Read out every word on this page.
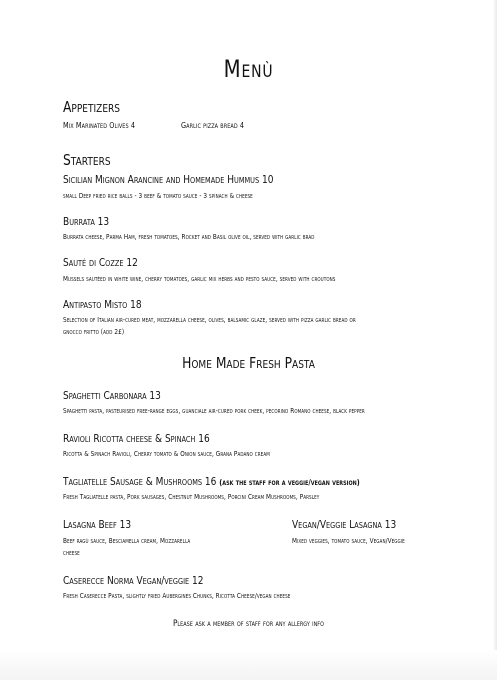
Menù
Appetizers
Mix Marinated Olives 4	Garlic pizza bread 4
Starters
Sicilian Mignon Arancine and Homemade Hummus 10
small Deep fried rice balls - 3 beef & tomato sauce - 3 spinach & cheese
Burrata 13
Burrata cheese, Parma Ham, fresh tomatoes, Rocket and Basil olive oil, served with garlic brad
Sauté di Cozze 12
Mussels sautéed in white wine, cherry tomatoes, garlic mix herbs and pesto sauce, served with croutons
Antipasto Misto 18
Selection of Italian air-cured meat, mozzarella cheese, olives, balsamic glaze, served with pizza garlic bread or
gnocco fritto (add 2£)
Home Made Fresh Pasta
Spaghetti Carbonara 13
Spaghetti pasta, pasteurised free-range eggs, guanciale air-cured pork cheek, pecorino Romano cheese, black pepper
Ravioli Ricotta cheese & Spinach 16
Ricotta & Spinach Ravioli, Cherry tomato & Onion sauce, Grana Padano cream
Tagliatelle Sausage & Mushrooms 16 (ask the staff for a veggie/vegan version)
Fresh Tagliatelle pasta, Pork sausages, Chestnut Mushrooms, Porcini Cream Mushrooms, Parsley
Lasagna Beef 13
Beef ragù sauce, Besciamella cream, Mozzarella
cheese
Vegan/Veggie Lasagna 13
Mixed veggies, tomato sauce, Vegan/Veggie
Caserecce Norma Vegan/veggie 12
Fresh Caserecce Pasta, slightly fried Aubergines Chunks, Ricotta Cheese/vegan cheese
Please ask a member of staff for any allergy info
